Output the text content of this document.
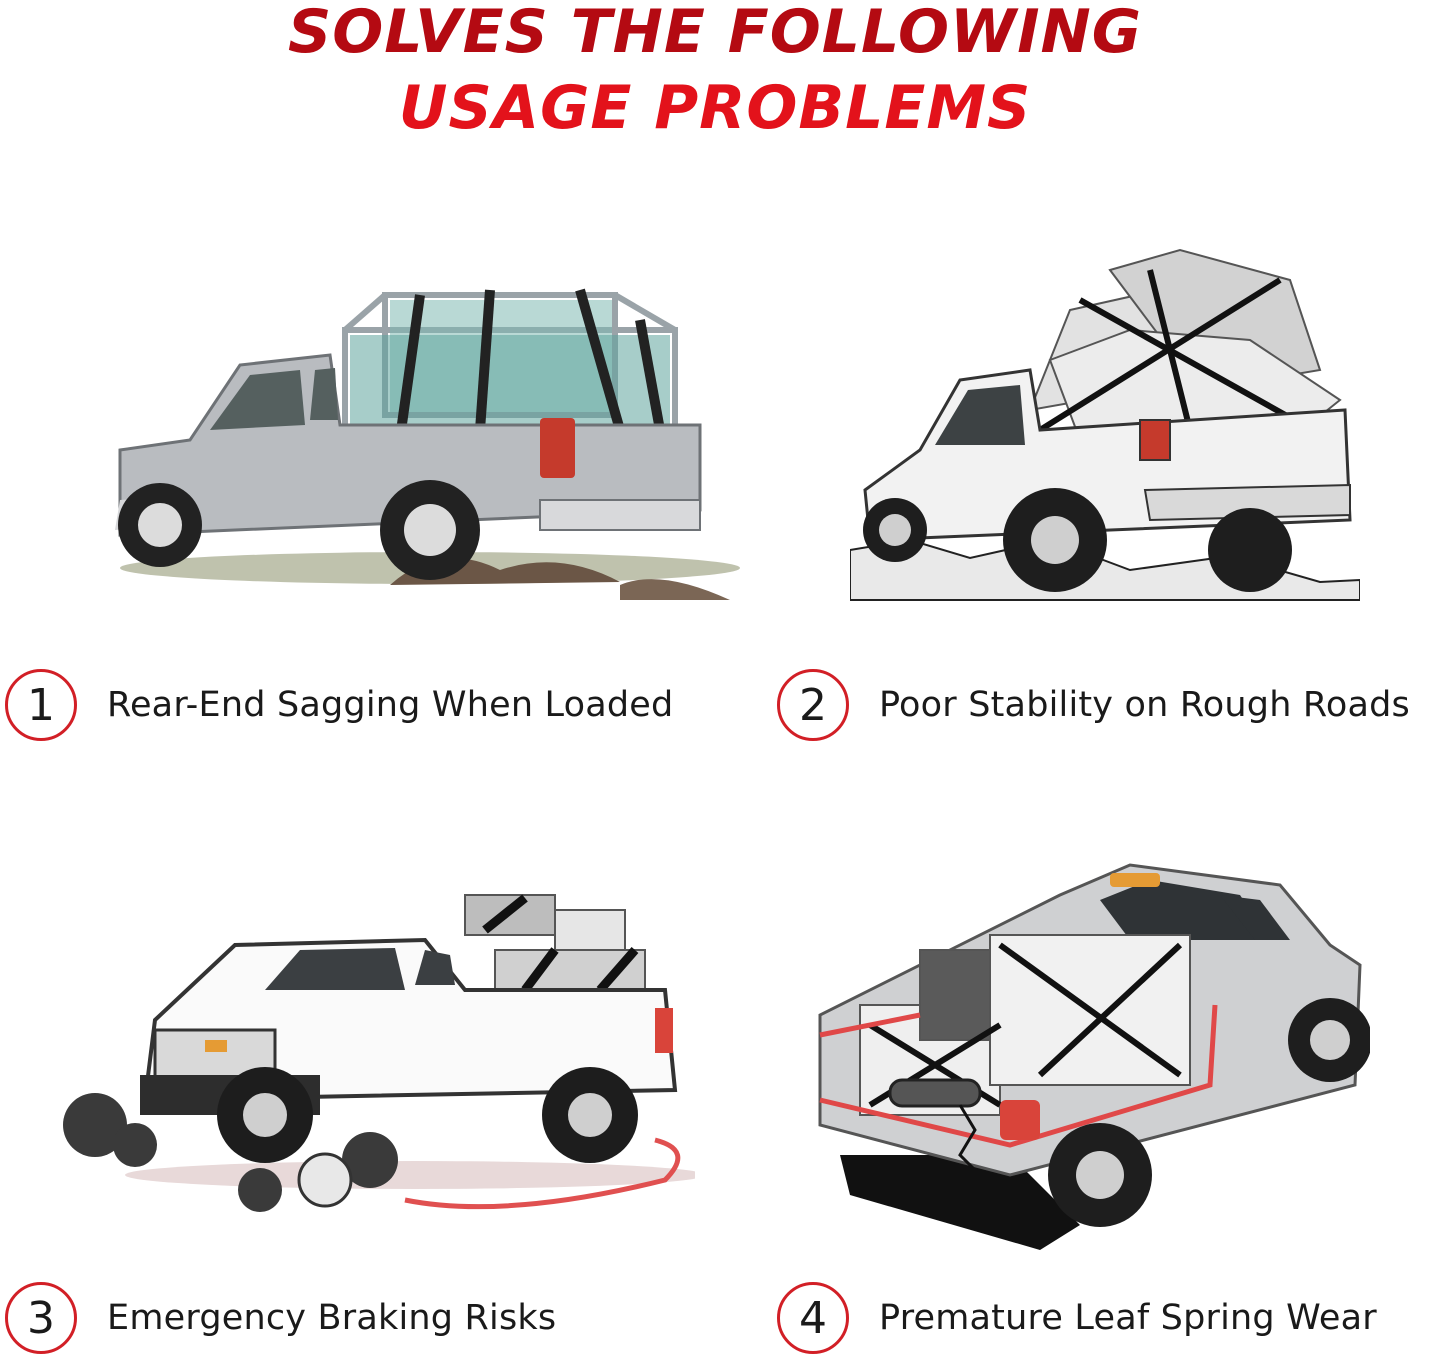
SOLVES THE FOLLOWING
USAGE PROBLEMS
1	Rear-End Sagging When Loaded	2	Poor Stability on Rough Roads
3	Emergency Braking Risks	4	Premature Leaf Spring Wear
